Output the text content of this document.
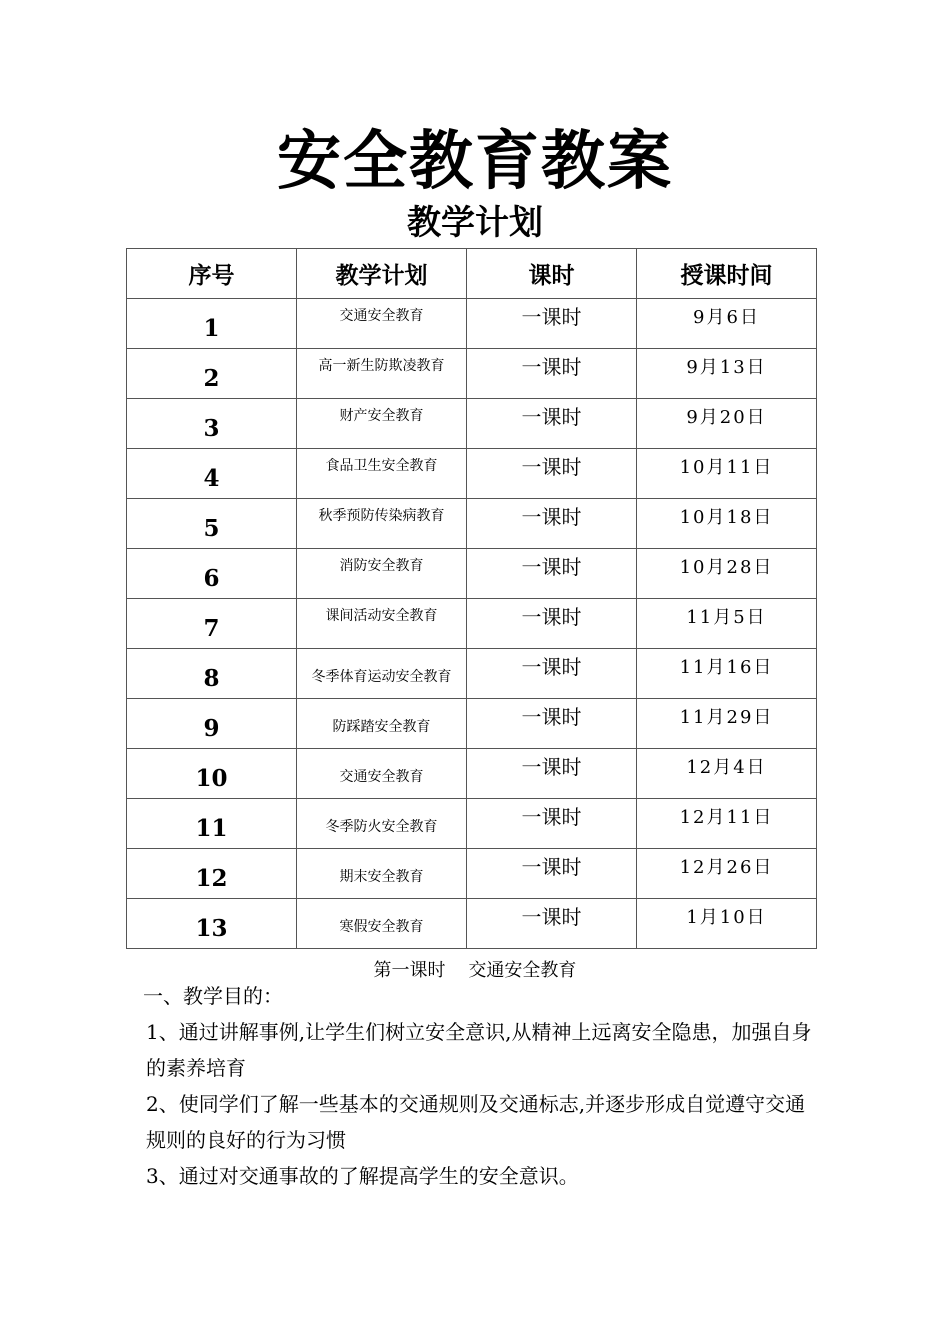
安全教育教案
教学计划
序号	教学计划	课时	授课时间
1	交通安全教育	一课时	9月6日
2	高一新生防欺凌教育	一课时	9月13日
3	财产安全教育	一课时	9月20日
4	食品卫生安全教育	一课时	10月11日
5	秋季预防传染病教育	一课时	10月18日
6	消防安全教育	一课时	10月28日
7	课间活动安全教育	一课时	11月5日
8	冬季体育运动安全教育	一课时	11月16日
9	防踩踏安全教育	一课时	11月29日
10	交通安全教育	一课时	12月4日
11	冬季防火安全教育	一课时	12月11日
12	期末安全教育	一课时	12月26日
13	寒假安全教育	一课时	1月10日
第一课时    交通安全教育
一、教学目的：
1、通过讲解事例,让学生们树立安全意识,从精神上远离安全隐患，加强自身的素养培育
2、使同学们了解一些基本的交通规则及交通标志,并逐步形成自觉遵守交通规则的良好的行为习惯
3、通过对交通事故的了解提高学生的安全意识。
